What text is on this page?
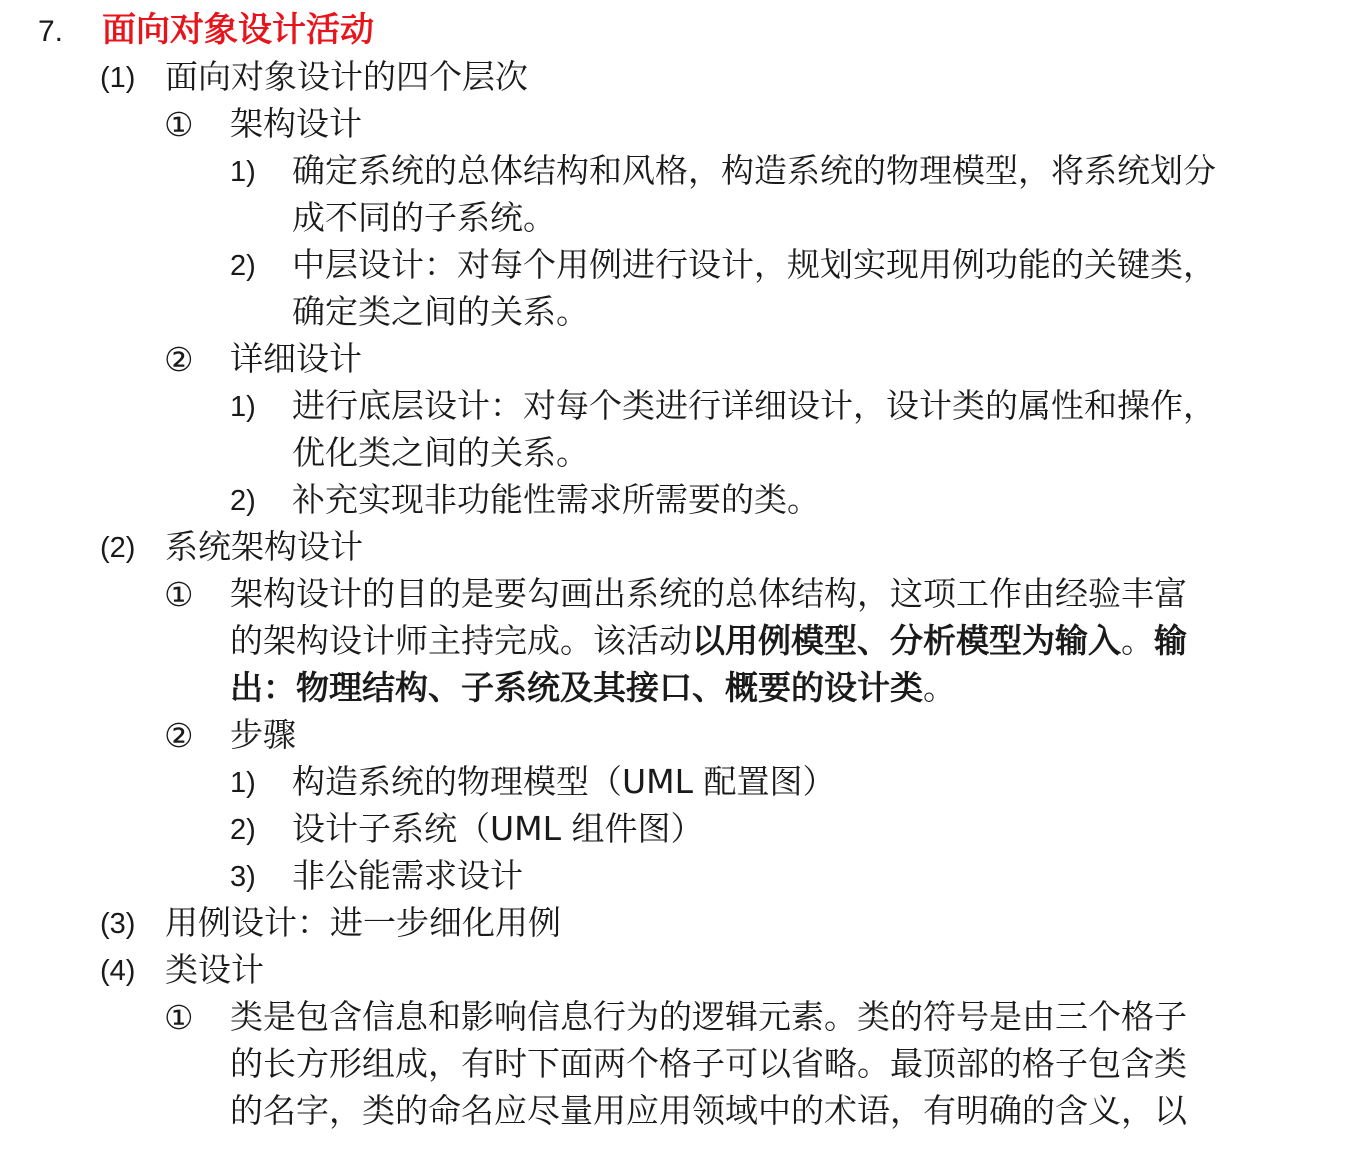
7. 面向对象设计活动
(1) 面向对象设计的四个层次
① 架构设计
1) 确定系统的总体结构和风格，构造系统的物理模型，将系统划分
成不同的子系统。
2) 中层设计：对每个用例进行设计，规划实现用例功能的关键类，
确定类之间的关系。
② 详细设计
1) 进行底层设计：对每个类进行详细设计，设计类的属性和操作，
优化类之间的关系。
2) 补充实现非功能性需求所需要的类。
(2) 系统架构设计
① 架构设计的目的是要勾画出系统的总体结构，这项工作由经验丰富
的架构设计师主持完成。该活动以用例模型、分析模型为输入。输
出：物理结构、子系统及其接口、概要的设计类。
② 步骤
1) 构造系统的物理模型（UML 配置图）
2) 设计子系统（UML 组件图）
3) 非公能需求设计
(3) 用例设计：进一步细化用例
(4) 类设计
① 类是包含信息和影响信息行为的逻辑元素。类的符号是由三个格子
的长方形组成，有时下面两个格子可以省略。最顶部的格子包含类
的名字，类的命名应尽量用应用领域中的术语，有明确的含义，以
